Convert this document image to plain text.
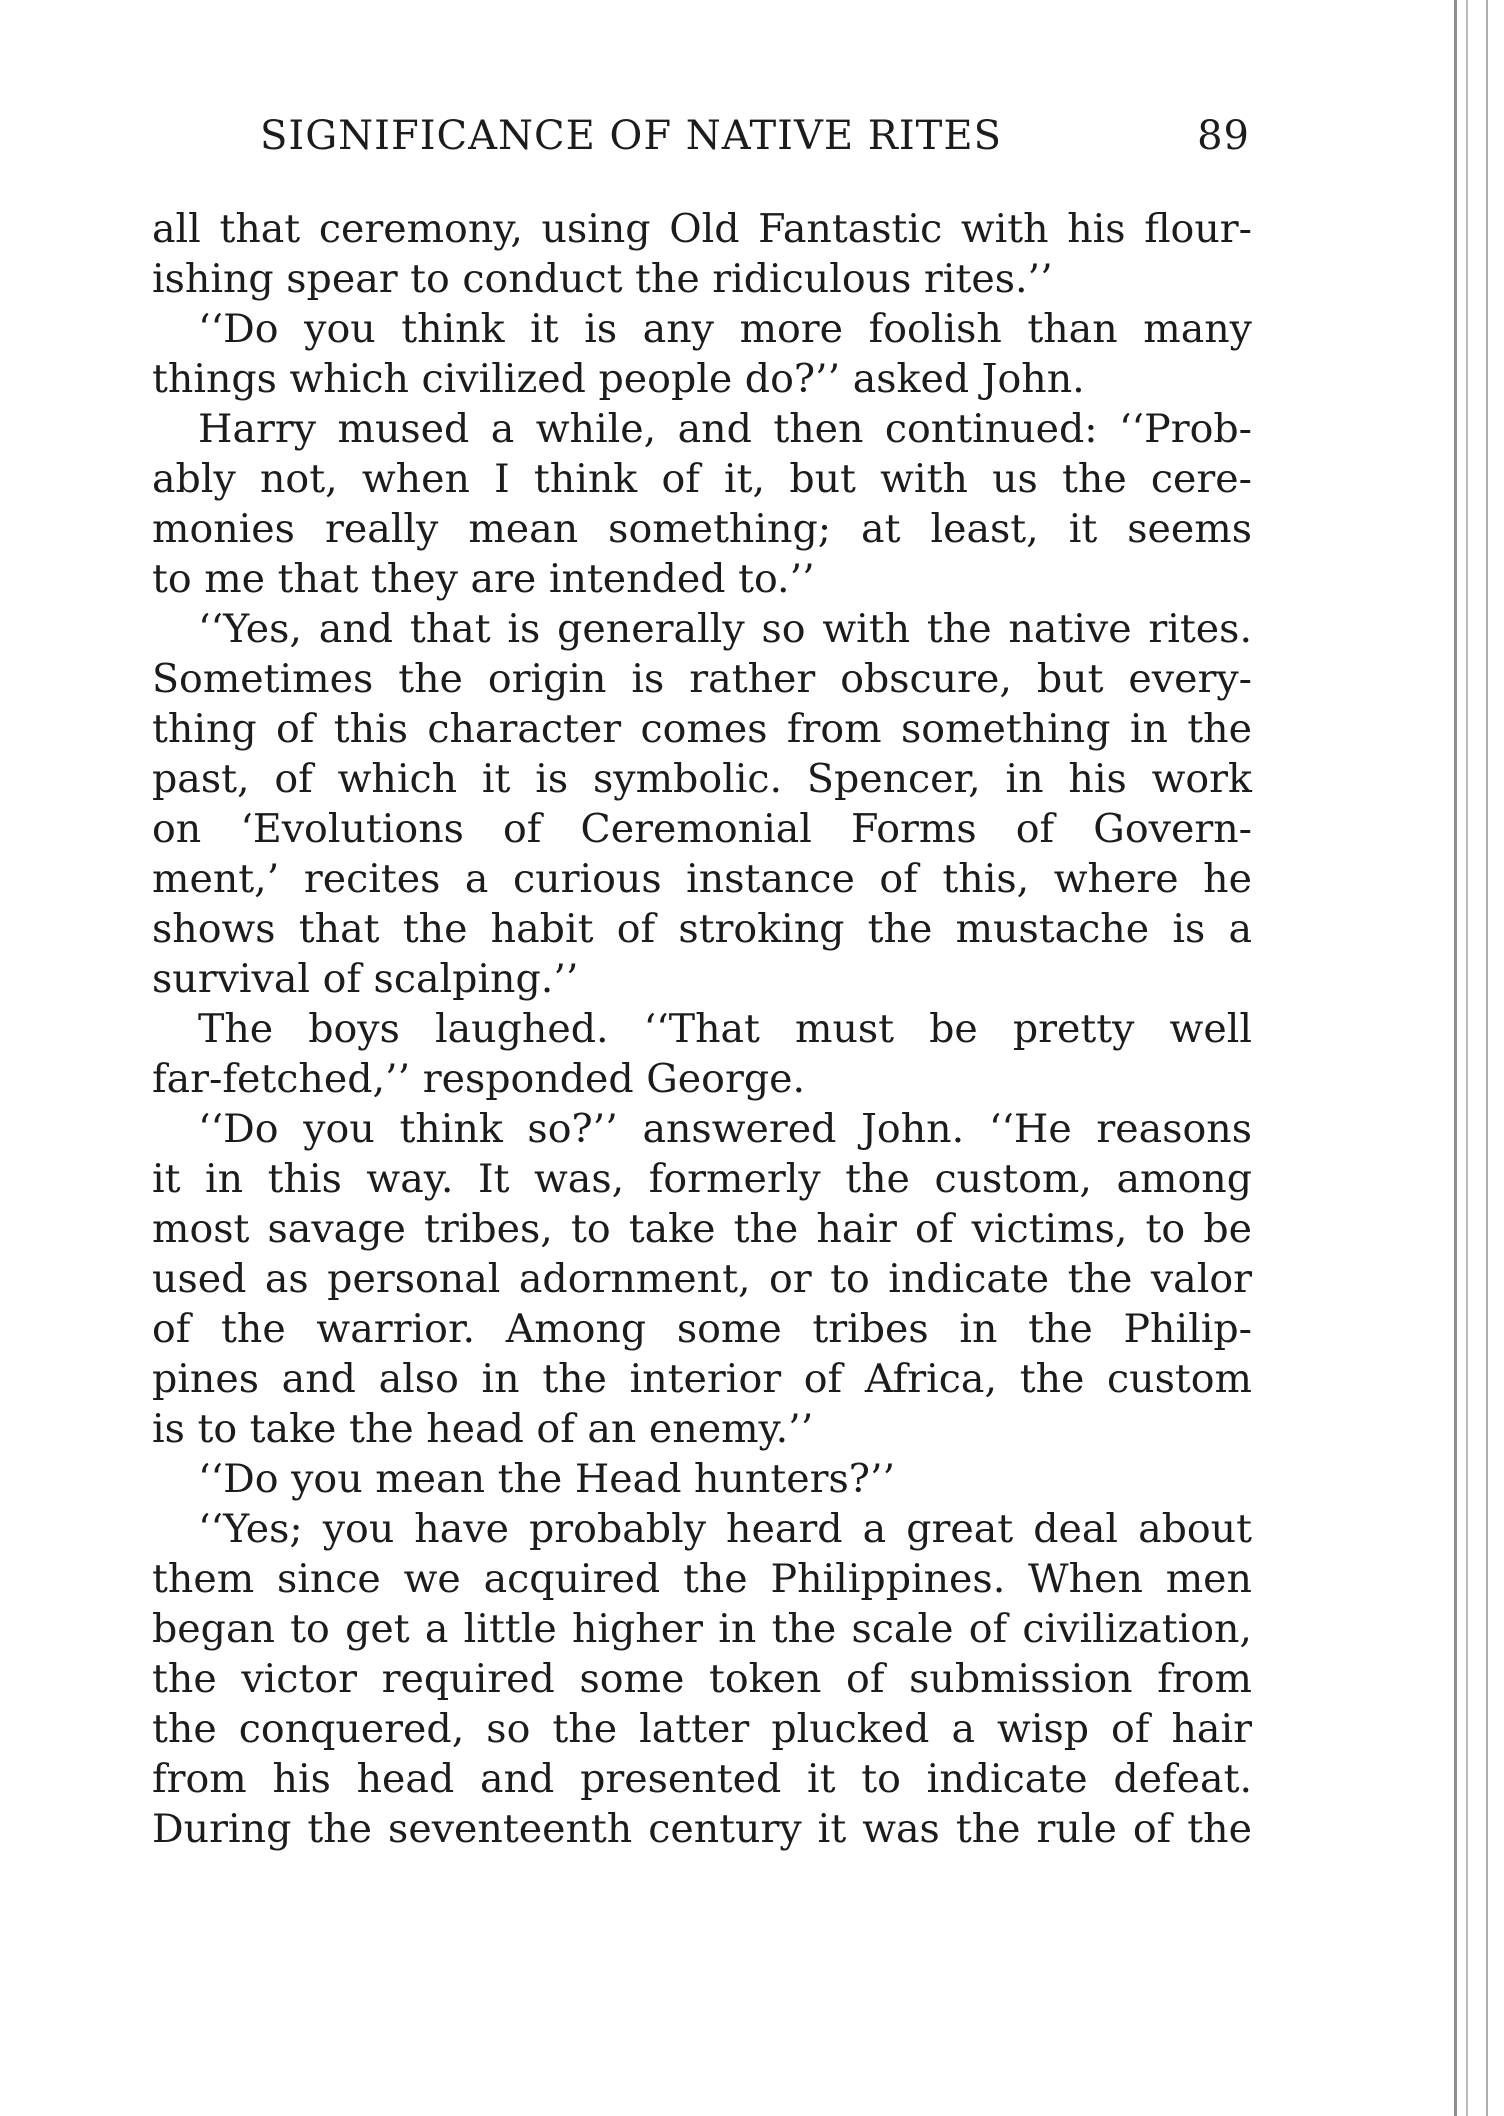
SIGNIFICANCE OF NATIVE RITES	89
all that ceremony, using Old Fantastic with his flour-
ishing spear to conduct the ridiculous rites.’’
‘‘Do you think it is any more foolish than many
things which civilized people do?’’ asked John.
Harry mused a while, and then continued: ‘‘Prob-
ably not, when I think of it, but with us the cere-
monies really mean something; at least, it seems
to me that they are intended to.’’
‘‘Yes, and that is generally so with the native rites.
Sometimes the origin is rather obscure, but every-
thing of this character comes from something in the
past, of which it is symbolic. Spencer, in his work
on ‘Evolutions of Ceremonial Forms of Govern-
ment,’ recites a curious instance of this, where he
shows that the habit of stroking the mustache is a
survival of scalping.’’
The boys laughed. ‘‘That must be pretty well
far-fetched,’’ responded George.
‘‘Do you think so?’’ answered John. ‘‘He reasons
it in this way. It was, formerly the custom, among
most savage tribes, to take the hair of victims, to be
used as personal adornment, or to indicate the valor
of the warrior. Among some tribes in the Philip-
pines and also in the interior of Africa, the custom
is to take the head of an enemy.’’
‘‘Do you mean the Head hunters?’’
‘‘Yes; you have probably heard a great deal about
them since we acquired the Philippines. When men
began to get a little higher in the scale of civilization,
the victor required some token of submission from
the conquered, so the latter plucked a wisp of hair
from his head and presented it to indicate defeat.
During the seventeenth century it was the rule of the
